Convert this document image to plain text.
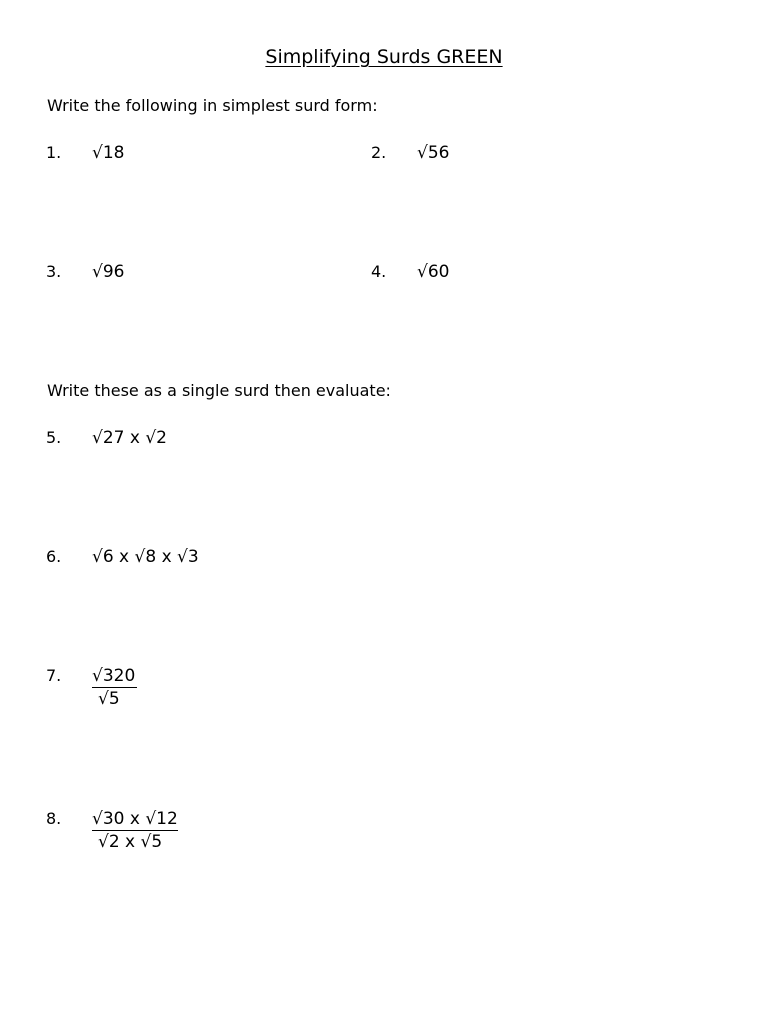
Simplifying Surds GREEN
Write the following in simplest surd form:
1. √18	2. √56
3. √96	4. √60
Write these as a single surd then evaluate:
5. √27 x √2
6. √6 x √8 x √3
7. √320
√5
8. √30 x √12
√2 x √5
